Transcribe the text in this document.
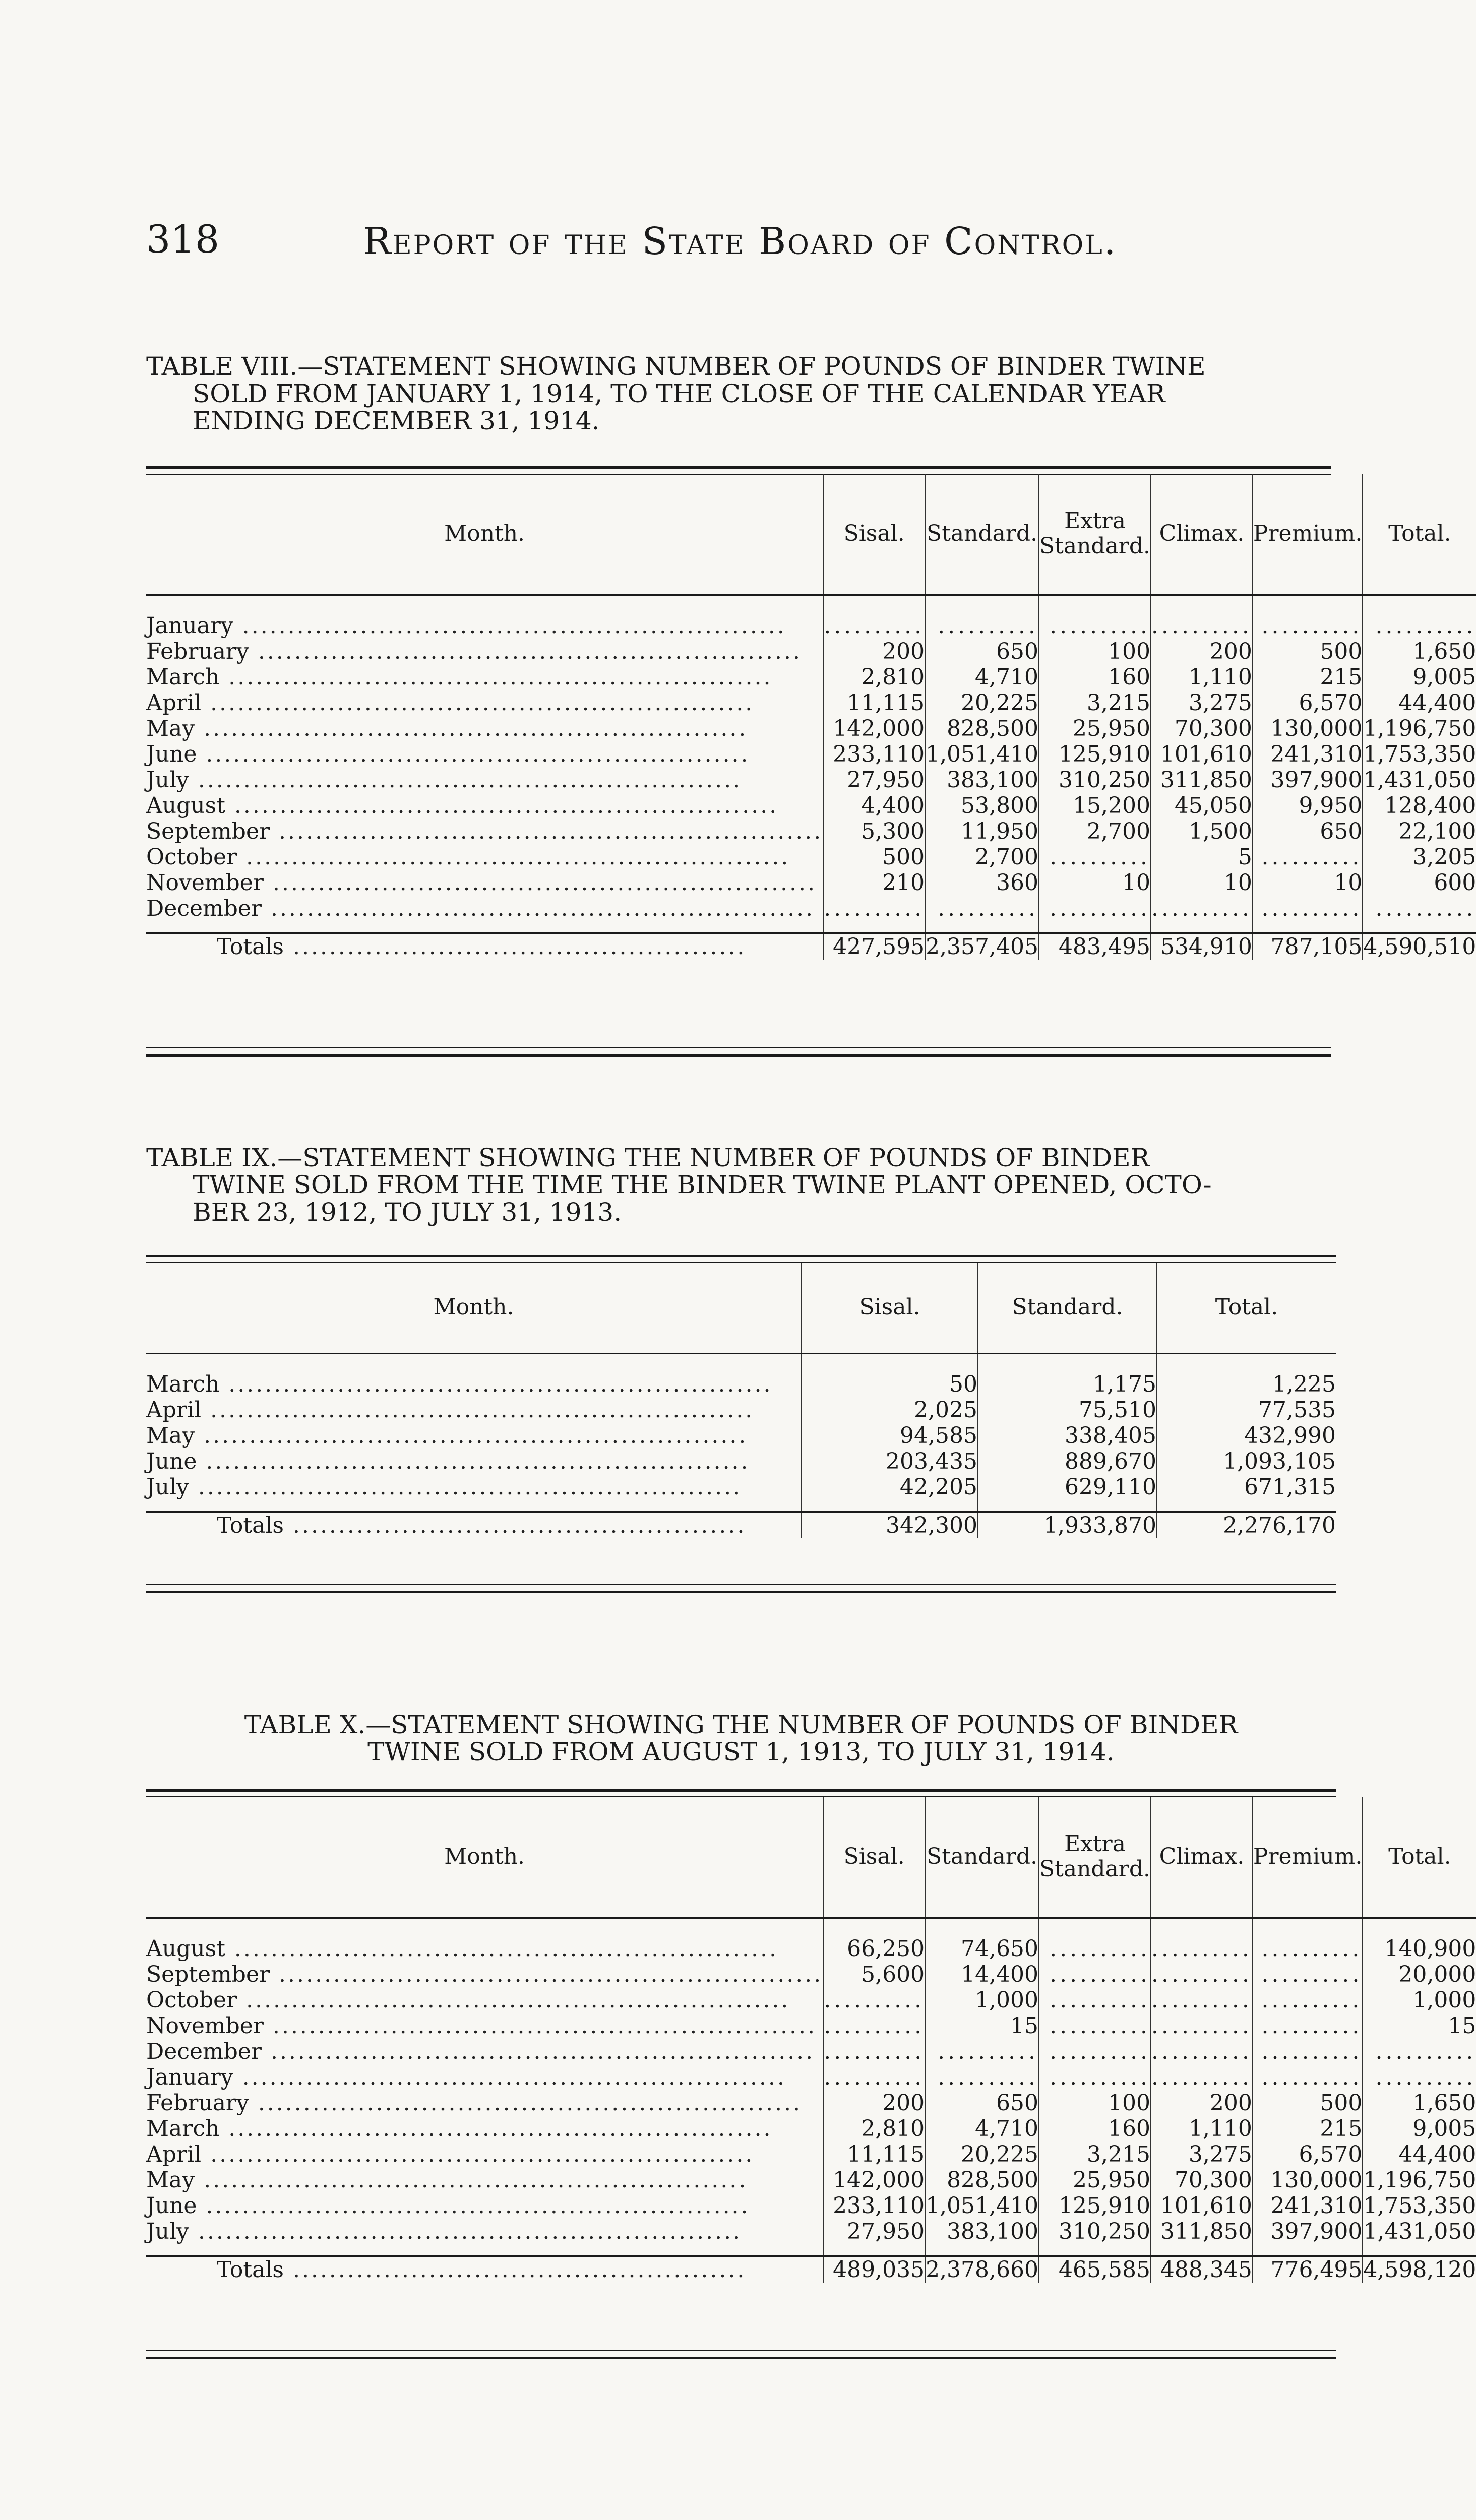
318	Report of the State Board of Control.
TABLE VIII.—STATEMENT SHOWING NUMBER OF POUNDS OF BINDER TWINE
SOLD FROM JANUARY 1, 1914, TO THE CLOSE OF THE CALENDAR YEAR
ENDING DECEMBER 31, 1914.
Month.	Sisal.	Standard.	Extra Standard.	Climax.	Premium.	Total.
January ............................................................	..........	..........	..........	..........	..........	..........
February ............................................................	200	650	100	200	500	1,650
March ............................................................	2,810	4,710	160	1,110	215	9,005
April ............................................................	11,115	20,225	3,215	3,275	6,570	44,400
May ............................................................	142,000	828,500	25,950	70,300	130,000	1,196,750
June ............................................................	233,110	1,051,410	125,910	101,610	241,310	1,753,350
July ............................................................	27,950	383,100	310,250	311,850	397,900	1,431,050
August ............................................................	4,400	53,800	15,200	45,050	9,950	128,400
September ............................................................	5,300	11,950	2,700	1,500	650	22,100
October ............................................................	500	2,700	..........	5	..........	3,205
November ............................................................	210	360	10	10	10	600
December ............................................................	..........	..........	..........	..........	..........	..........
Totals ..................................................	427,595	2,357,405	483,495	534,910	787,105	4,590,510
TABLE IX.—STATEMENT SHOWING THE NUMBER OF POUNDS OF BINDER
TWINE SOLD FROM THE TIME THE BINDER TWINE PLANT OPENED, OCTO-
BER 23, 1912, TO JULY 31, 1913.
Month.	Sisal.	Standard.	Total.
March ............................................................	50	1,175	1,225
April ............................................................	2,025	75,510	77,535
May ............................................................	94,585	338,405	432,990
June ............................................................	203,435	889,670	1,093,105
July ............................................................	42,205	629,110	671,315
Totals ..................................................	342,300	1,933,870	2,276,170
TABLE X.—STATEMENT SHOWING THE NUMBER OF POUNDS OF BINDER
TWINE SOLD FROM AUGUST 1, 1913, TO JULY 31, 1914.
Month.	Sisal.	Standard.	Extra Standard.	Climax.	Premium.	Total.
August ............................................................	66,250	74,650	..........	..........	..........	140,900
September ............................................................	5,600	14,400	..........	..........	..........	20,000
October ............................................................	..........	1,000	..........	..........	..........	1,000
November ............................................................	..........	15	..........	..........	..........	15
December ............................................................	..........	..........	..........	..........	..........	..........
January ............................................................	..........	..........	..........	..........	..........	..........
February ............................................................	200	650	100	200	500	1,650
March ............................................................	2,810	4,710	160	1,110	215	9,005
April ............................................................	11,115	20,225	3,215	3,275	6,570	44,400
May ............................................................	142,000	828,500	25,950	70,300	130,000	1,196,750
June ............................................................	233,110	1,051,410	125,910	101,610	241,310	1,753,350
July ............................................................	27,950	383,100	310,250	311,850	397,900	1,431,050
Totals ..................................................	489,035	2,378,660	465,585	488,345	776,495	4,598,120
